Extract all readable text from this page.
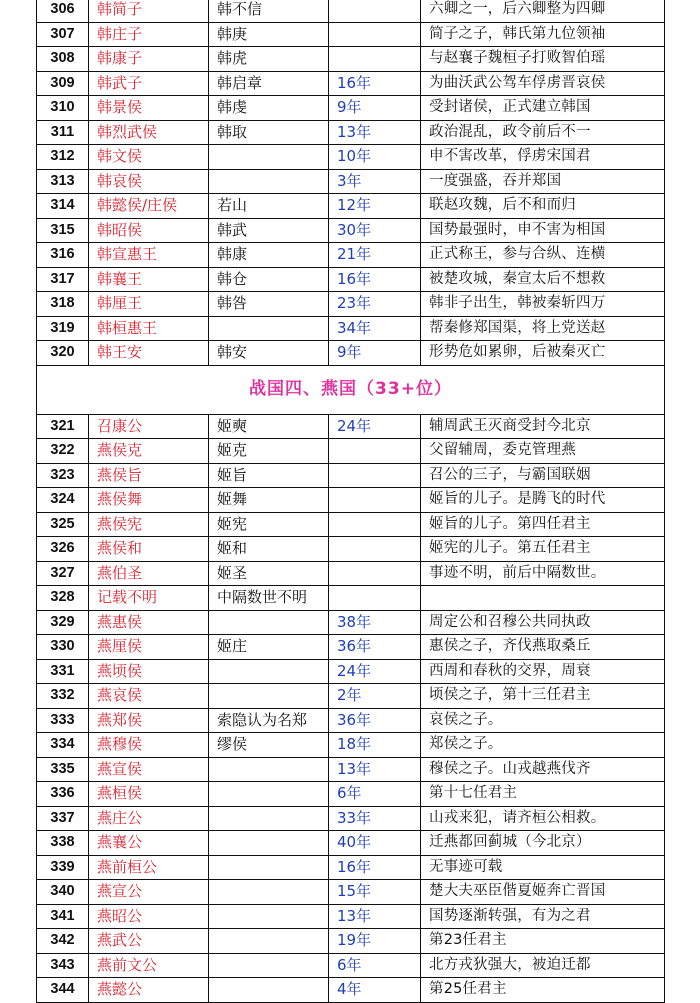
306	韩简子	韩不信		六卿之一，后六卿整为四卿
307	韩庄子	韩庚		简子之子，韩氏第九位领袖
308	韩康子	韩虎		与赵襄子魏桓子打败智伯瑶
309	韩武子	韩启章	16年	为曲沃武公驾车俘虏晋哀侯
310	韩景侯	韩虔	9年	受封诸侯，正式建立韩国
311	韩烈武侯	韩取	13年	政治混乱，政令前后不一
312	韩文侯		10年	申不害改革，俘虏宋国君
313	韩哀侯		3年	一度强盛，吞并郑国
314	韩懿侯/庄侯	若山	12年	联赵攻魏，后不和而归
315	韩昭侯	韩武	30年	国势最强时，申不害为相国
316	韩宣惠王	韩康	21年	正式称王，参与合纵、连横
317	韩襄王	韩仓	16年	被楚攻城，秦宣太后不想救
318	韩厘王	韩咎	23年	韩非子出生，韩被秦斩四万
319	韩桓惠王		34年	帮秦修郑国渠，将上党送赵
320	韩王安	韩安	9年	形势危如累卵，后被秦灭亡
战国四、燕国（33+位）				
321	召康公	姬奭	24年	辅周武王灭商受封今北京
322	燕侯克	姬克		父留辅周，委克管理燕
323	燕侯旨	姬旨		召公的三子，与霸国联姻
324	燕侯舞	姬舞		姬旨的儿子。是腾飞的时代
325	燕侯宪	姬宪		姬旨的儿子。第四任君主
326	燕侯和	姬和		姬宪的儿子。第五任君主
327	燕伯圣	姬圣		事迹不明，前后中隔数世。
328	记载不明	中隔数世不明		
329	燕惠侯		38年	周定公和召穆公共同执政
330	燕厘侯	姬庄	36年	惠侯之子，齐伐燕取桑丘
331	燕顷侯		24年	西周和春秋的交界，周衰
332	燕哀侯		2年	顷侯之子，第十三任君主
333	燕郑侯	索隐认为名郑	36年	哀侯之子。
334	燕穆侯	缪侯	18年	郑侯之子。
335	燕宣侯		13年	穆侯之子。山戎越燕伐齐
336	燕桓侯		6年	第十七任君主
337	燕庄公		33年	山戎来犯，请齐桓公相救。
338	燕襄公		40年	迁燕都回蓟城（今北京）
339	燕前桓公		16年	无事迹可载
340	燕宣公		15年	楚大夫巫臣偕夏姬奔亡晋国
341	燕昭公		13年	国势逐渐转强，有为之君
342	燕武公		19年	第23任君主
343	燕前文公		6年	北方戎狄强大，被迫迁都
344	燕懿公		4年	第25任君主
